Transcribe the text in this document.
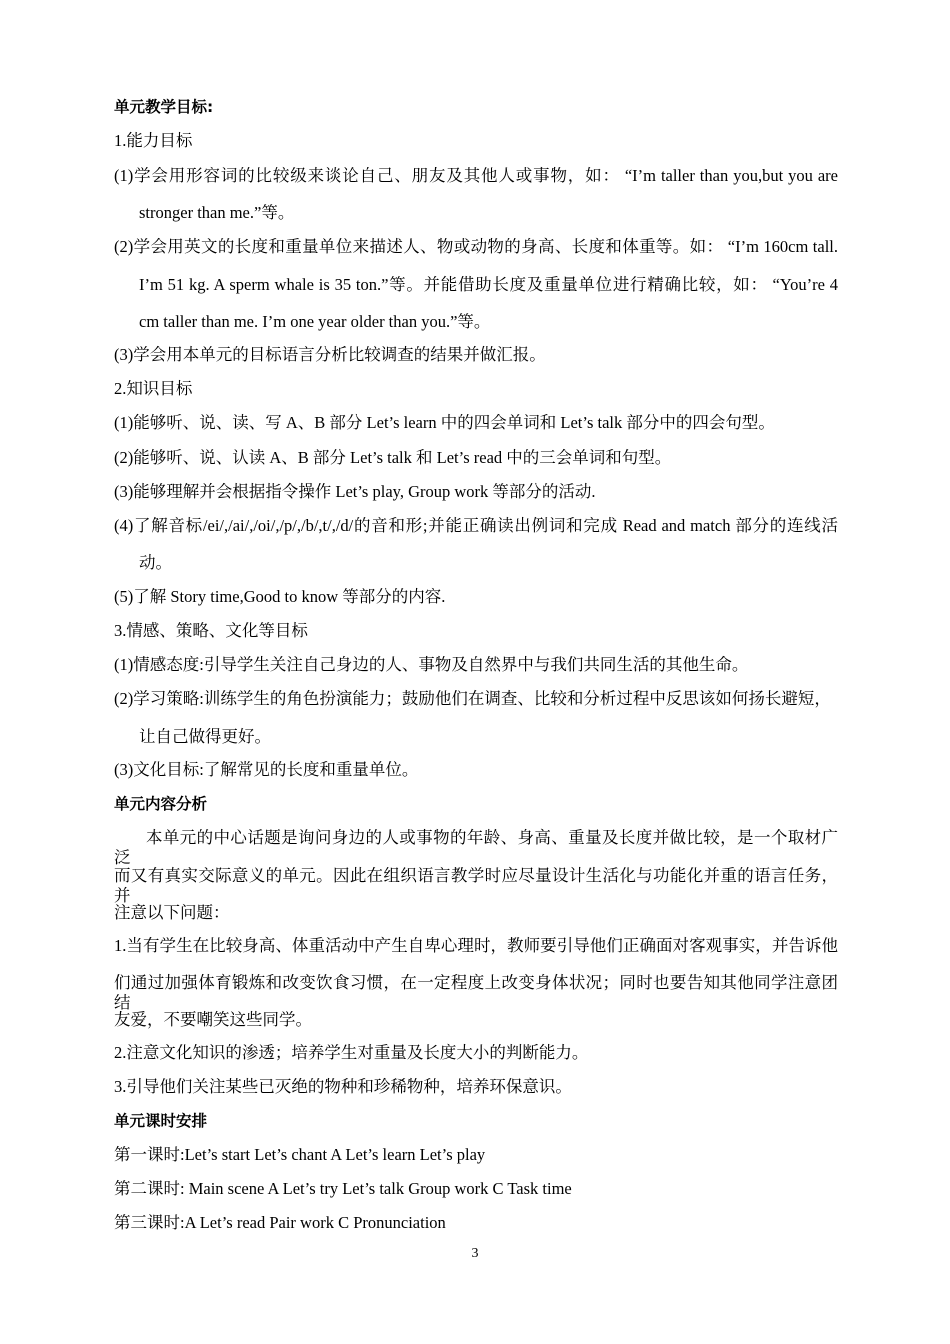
单元教学目标:
1.能力目标
(1)学会用形容词的比较级来谈论自己、朋友及其他人或事物，如： “I’m taller than you,but you are
stronger than me.”等。
(2)学会用英文的长度和重量单位来描述人、物或动物的身高、长度和体重等。如： “I’m 160cm tall.
I’m 51 kg. A sperm whale is 35 ton.”等。并能借助长度及重量单位进行精确比较，如： “You’re 4
cm taller than me. I’m one year older than you.”等。
(3)学会用本单元的目标语言分析比较调查的结果并做汇报。
2.知识目标
(1)能够听、说、读、写 A、B 部分 Let’s learn 中的四会单词和 Let’s talk 部分中的四会句型。
(2)能够听、说、认读 A、B 部分 Let’s talk 和 Let’s read 中的三会单词和句型。
(3)能够理解并会根据指令操作 Let’s play, Group work 等部分的活动.
(4)了解音标/ei/,/ai/,/oi/,/p/,/b/,t/,/d/的音和形;并能正确读出例词和完成 Read and match 部分的连线活
动。
(5)了解 Story time,Good to know 等部分的内容.
3.情感、策略、文化等目标
(1)情感态度:引导学生关注自己身边的人、事物及自然界中与我们共同生活的其他生命。
(2)学习策略:训练学生的角色扮演能力；鼓励他们在调查、比较和分析过程中反思该如何扬长避短，
让自己做得更好。
(3)文化目标:了解常见的长度和重量单位。
单元内容分析
本单元的中心话题是询问身边的人或事物的年龄、身高、重量及长度并做比较，是一个取材广泛
而又有真实交际意义的单元。因此在组织语言教学时应尽量设计生活化与功能化并重的语言任务，并
注意以下问题：
1.当有学生在比较身高、体重活动中产生自卑心理时，教师要引导他们正确面对客观事实，并告诉他
们通过加强体育锻炼和改变饮食习惯，在一定程度上改变身体状况；同时也要告知其他同学注意团结
友爱，不要嘲笑这些同学。
2.注意文化知识的渗透；培养学生对重量及长度大小的判断能力。
3.引导他们关注某些已灭绝的物种和珍稀物种，培养环保意识。
单元课时安排
第一课时:Let’s start Let’s chant A Let’s learn Let’s play
第二课时: Main scene A Let’s try Let’s talk Group work C Task time
第三课时:A Let’s read Pair work C Pronunciation
3
